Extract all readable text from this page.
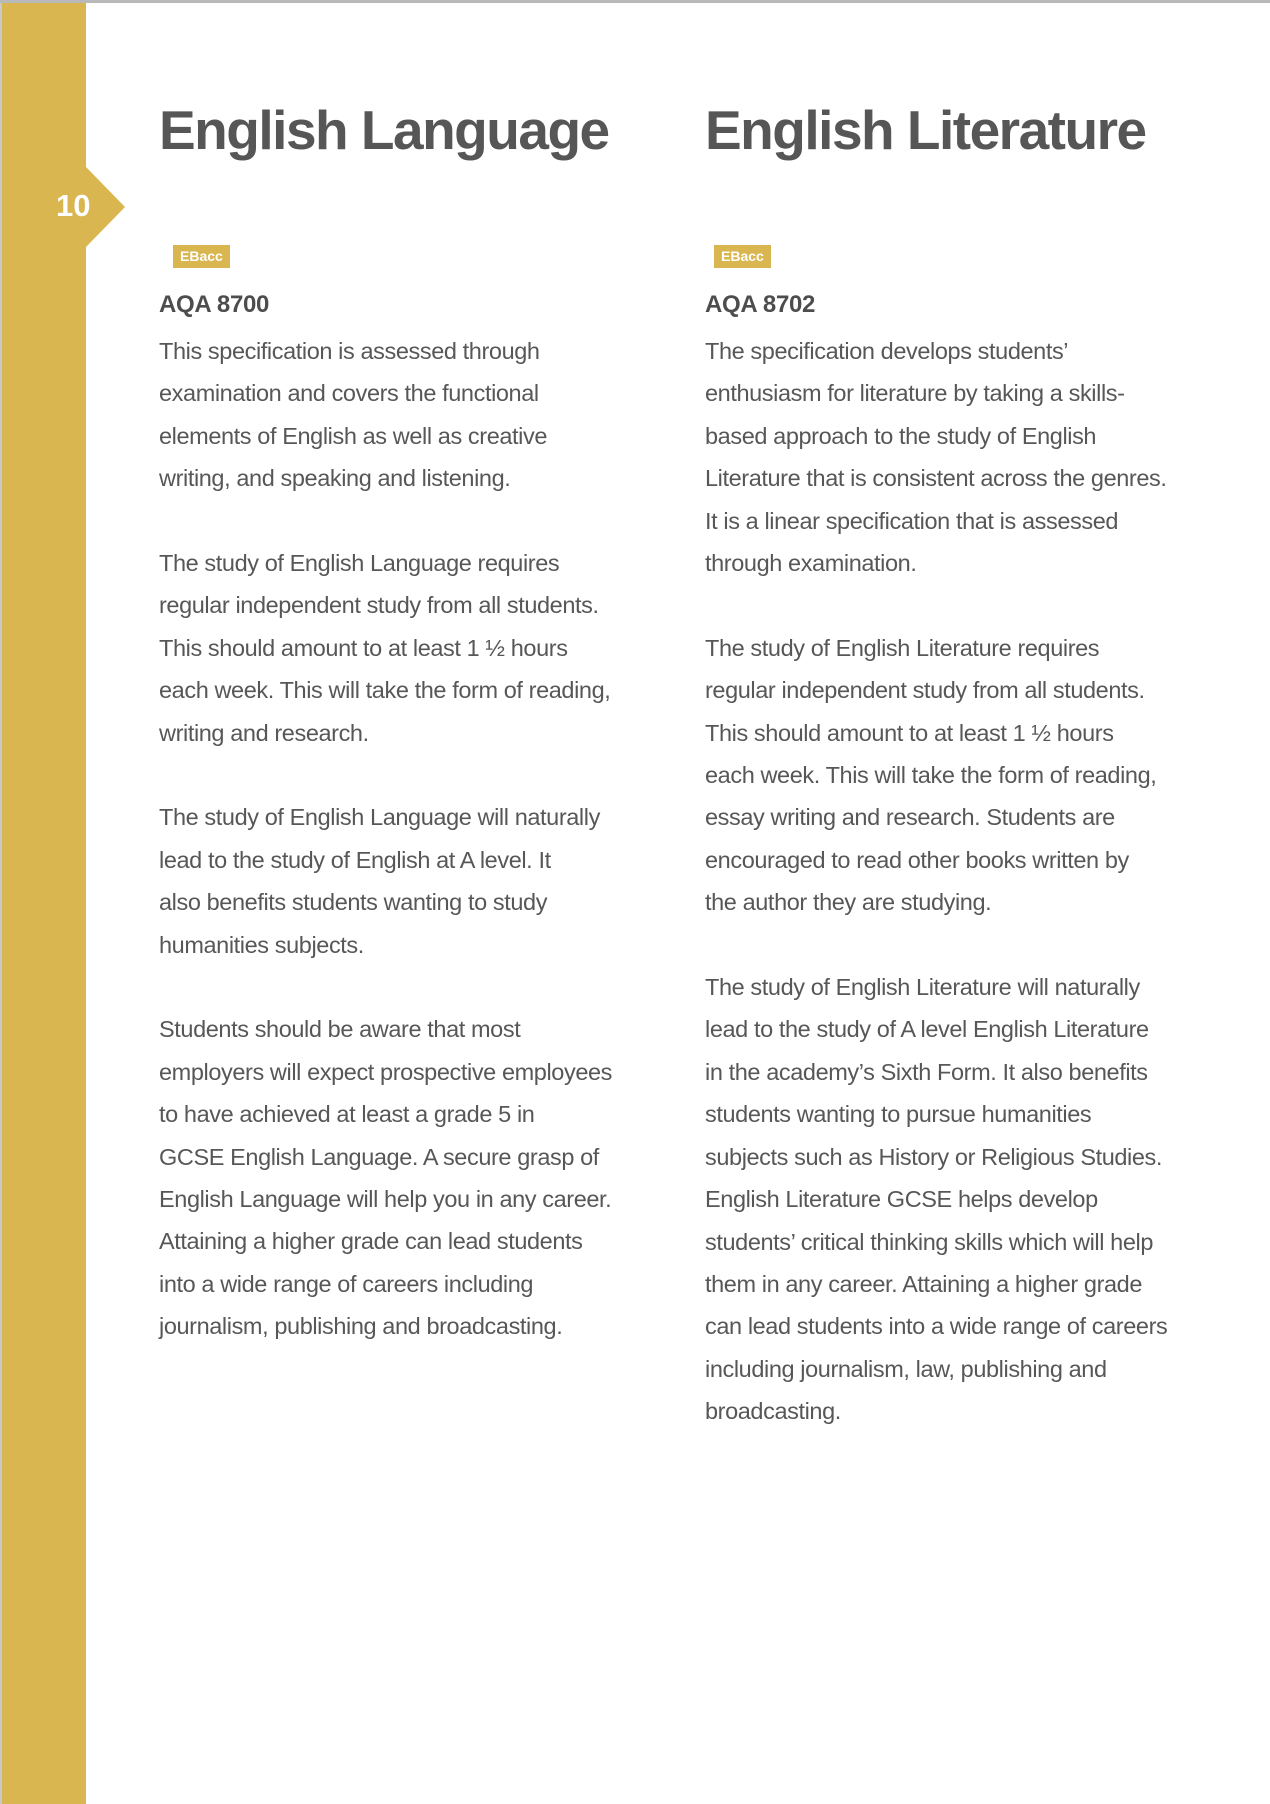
10
English Language
EBacc
AQA 8700

This specification is assessed through
examination and covers the functional
elements of English as well as creative
writing, and speaking and listening.

The study of English Language requires
regular independent study from all students.
This should amount to at least 1 ½ hours
each week. This will take the form of reading,
writing and research.

The study of English Language will naturally
lead to the study of English at A level. It
also benefits students wanting to study
humanities subjects.

Students should be aware that most
employers will expect prospective employees
to have achieved at least a grade 5 in
GCSE English Language. A secure grasp of
English Language will help you in any career.
Attaining a higher grade can lead students
into a wide range of careers including
journalism, publishing and broadcasting.

English Literature
EBacc
AQA 8702

The specification develops students’
enthusiasm for literature by taking a skills-
based approach to the study of English
Literature that is consistent across the genres.
It is a linear specification that is assessed
through examination.

The study of English Literature requires
regular independent study from all students.
This should amount to at least 1 ½ hours
each week. This will take the form of reading,
essay writing and research. Students are
encouraged to read other books written by
the author they are studying.

The study of English Literature will naturally
lead to the study of A level English Literature
in the academy’s Sixth Form. It also benefits
students wanting to pursue humanities
subjects such as History or Religious Studies.
English Literature GCSE helps develop
students’ critical thinking skills which will help
them in any career. Attaining a higher grade
can lead students into a wide range of careers
including journalism, law, publishing and
broadcasting.
